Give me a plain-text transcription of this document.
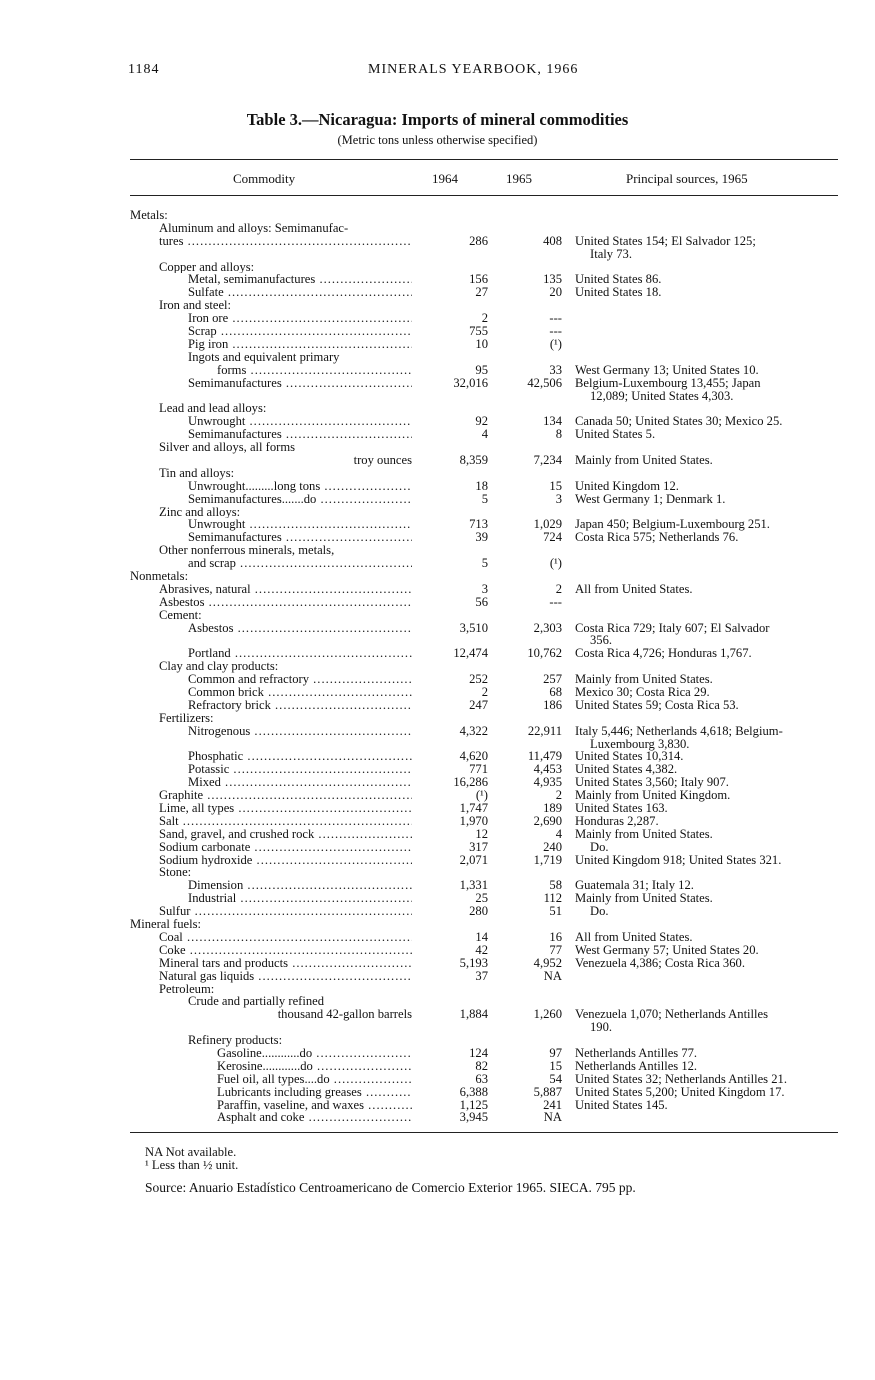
1184	MINERALS YEARBOOK, 1966
Table 3.—Nicaragua: Imports of mineral commodities
(Metric tons unless otherwise specified)
Commodity	1964	1965	Principal sources, 1965
Metals:
Aluminum and alloys: Semimanufac-
tures .....	286	408 United States 154; El Salvador 125;
Italy 73.
Copper and alloys:
Metal, semimanufactures .....	156	135 United States 86.
Sulfate .....	27	20 United States 18.
Iron and steel:
Iron ore .....	2	---
Scrap .....	755	---
Pig iron .....	10	(¹)
Ingots and equivalent primary
forms .....	95	33 West Germany 13; United States 10.
Semimanufactures .....	32,016	42,506 Belgium-Luxembourg 13,455; Japan
12,089; United States 4,303.
Lead and lead alloys:
Unwrought .....	92	134 Canada 50; United States 30; Mexico 25.
Semimanufactures .....	4	8 United States 5.
Silver and alloys, all forms
troy ounces	8,359	7,234 Mainly from United States.
Tin and alloys:
Unwrought.........long tons .....	18	15 United Kingdom 12.
Semimanufactures.......do .....	5	3 West Germany 1; Denmark 1.
Zinc and alloys:
Unwrought .....	713	1,029 Japan 450; Belgium-Luxembourg 251.
Semimanufactures .....	39	724 Costa Rica 575; Netherlands 76.
Other nonferrous minerals, metals,
and scrap .....	5	(¹)
Nonmetals:
Abrasives, natural .....	3	2 All from United States.
Asbestos .....	56	---
Cement:
Asbestos .....	3,510	2,303 Costa Rica 729; Italy 607; El Salvador
356.
Portland .....	12,474	10,762 Costa Rica 4,726; Honduras 1,767.
Clay and clay products:
Common and refractory .....	252	257 Mainly from United States.
Common brick .....	2	68 Mexico 30; Costa Rica 29.
Refractory brick .....	247	186 United States 59; Costa Rica 53.
Fertilizers:
Nitrogenous .....	4,322	22,911 Italy 5,446; Netherlands 4,618; Belgium-
Luxembourg 3,830.
Phosphatic .....	4,620	11,479 United States 10,314.
Potassic .....	771	4,453 United States 4,382.
Mixed .....	16,286	4,935 United States 3,560; Italy 907.
Graphite .....	(¹)	2 Mainly from United Kingdom.
Lime, all types .....	1,747	189 United States 163.
Salt .....	1,970	2,690 Honduras 2,287.
Sand, gravel, and crushed rock .....	12	4 Mainly from United States.
Sodium carbonate .....	317	240	Do.
Sodium hydroxide .....	2,071	1,719 United Kingdom 918; United States 321.
Stone:
Dimension .....	1,331	58 Guatemala 31; Italy 12.
Industrial .....	25	112 Mainly from United States.
Sulfur .....	280	51	Do.
Mineral fuels:
Coal .....	14	16 All from United States.
Coke .....	42	77 West Germany 57; United States 20.
Mineral tars and products .....	5,193	4,952 Venezuela 4,386; Costa Rica 360.
Natural gas liquids .....	37	NA
Petroleum:
Crude and partially refined
thousand 42-gallon barrels	1,884	1,260 Venezuela 1,070; Netherlands Antilles
190.
Refinery products:
Gasoline............do .....	124	97 Netherlands Antilles 77.
Kerosine............do .....	82	15 Netherlands Antilles 12.
Fuel oil, all types....do .....	63	54 United States 32; Netherlands Antilles 21.
Lubricants including greases .....	6,388	5,887 United States 5,200; United Kingdom 17.
Paraffin, vaseline, and waxes .....	1,125	241 United States 145.
Asphalt and coke .....	3,945	NA
NA Not available.
¹ Less than ½ unit.
Source: Anuario Estadístico Centroamericano de Comercio Exterior 1965. SIECA. 795 pp.
